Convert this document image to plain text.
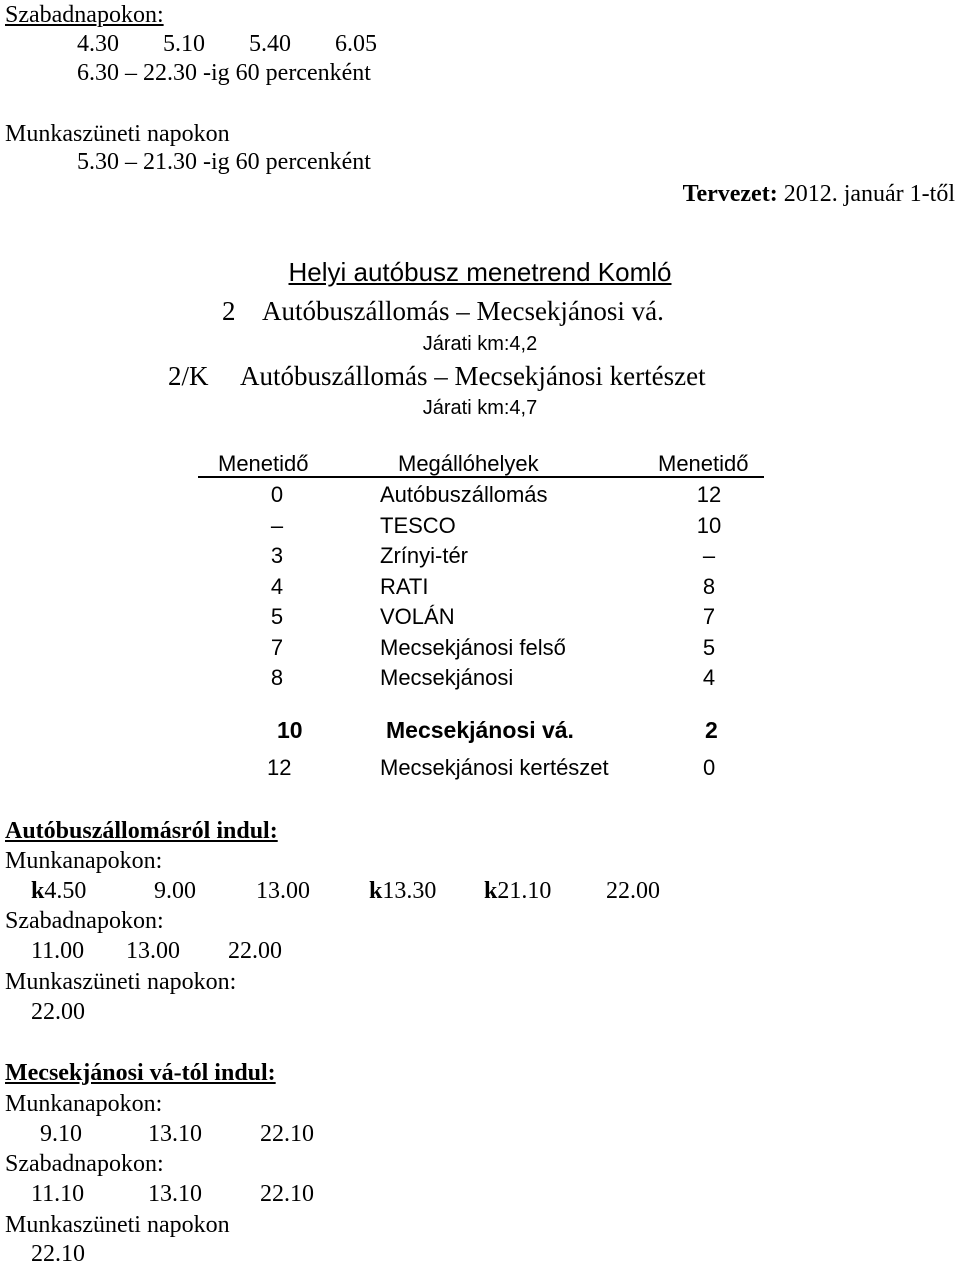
Szabadnapokon:
4.30 5.10 5.40 6.05
6.30 – 22.30 -ig 60 percenként
Munkaszüneti napokon
5.30 – 21.30 -ig 60 percenként
Tervezet: 2012. január 1-től
Helyi autóbusz menetrend Komló
2 Autóbuszállomás – Mecsekjánosi vá.
Járati km:4,2
2/K Autóbuszállomás – Mecsekjánosi kertészet
Járati km:4,7
Menetidő	Megállóhelyek	Menetidő
0	Autóbuszállomás	12
–	TESCO	10
3	Zrínyi-tér	–
4	RATI	8
5	VOLÁN	7
7	Mecsekjánosi felső	5
8	Mecsekjánosi	4
10	Mecsekjánosi vá.	2
12	Mecsekjánosi kertészet	0
Autóbuszállomásról indul:
Munkanapokon:
k4.50	9.00	13.00 k13.30 k21.10 22.00
Szabadnapokon:
11.00 13.00 22.00
Munkaszüneti napokon:
22.00
Mecsekjánosi vá-tól indul:
Munkanapokon:
9.10	13.10 22.10
Szabadnapokon:
11.10	13.10 22.10
Munkaszüneti napokon
22.10
